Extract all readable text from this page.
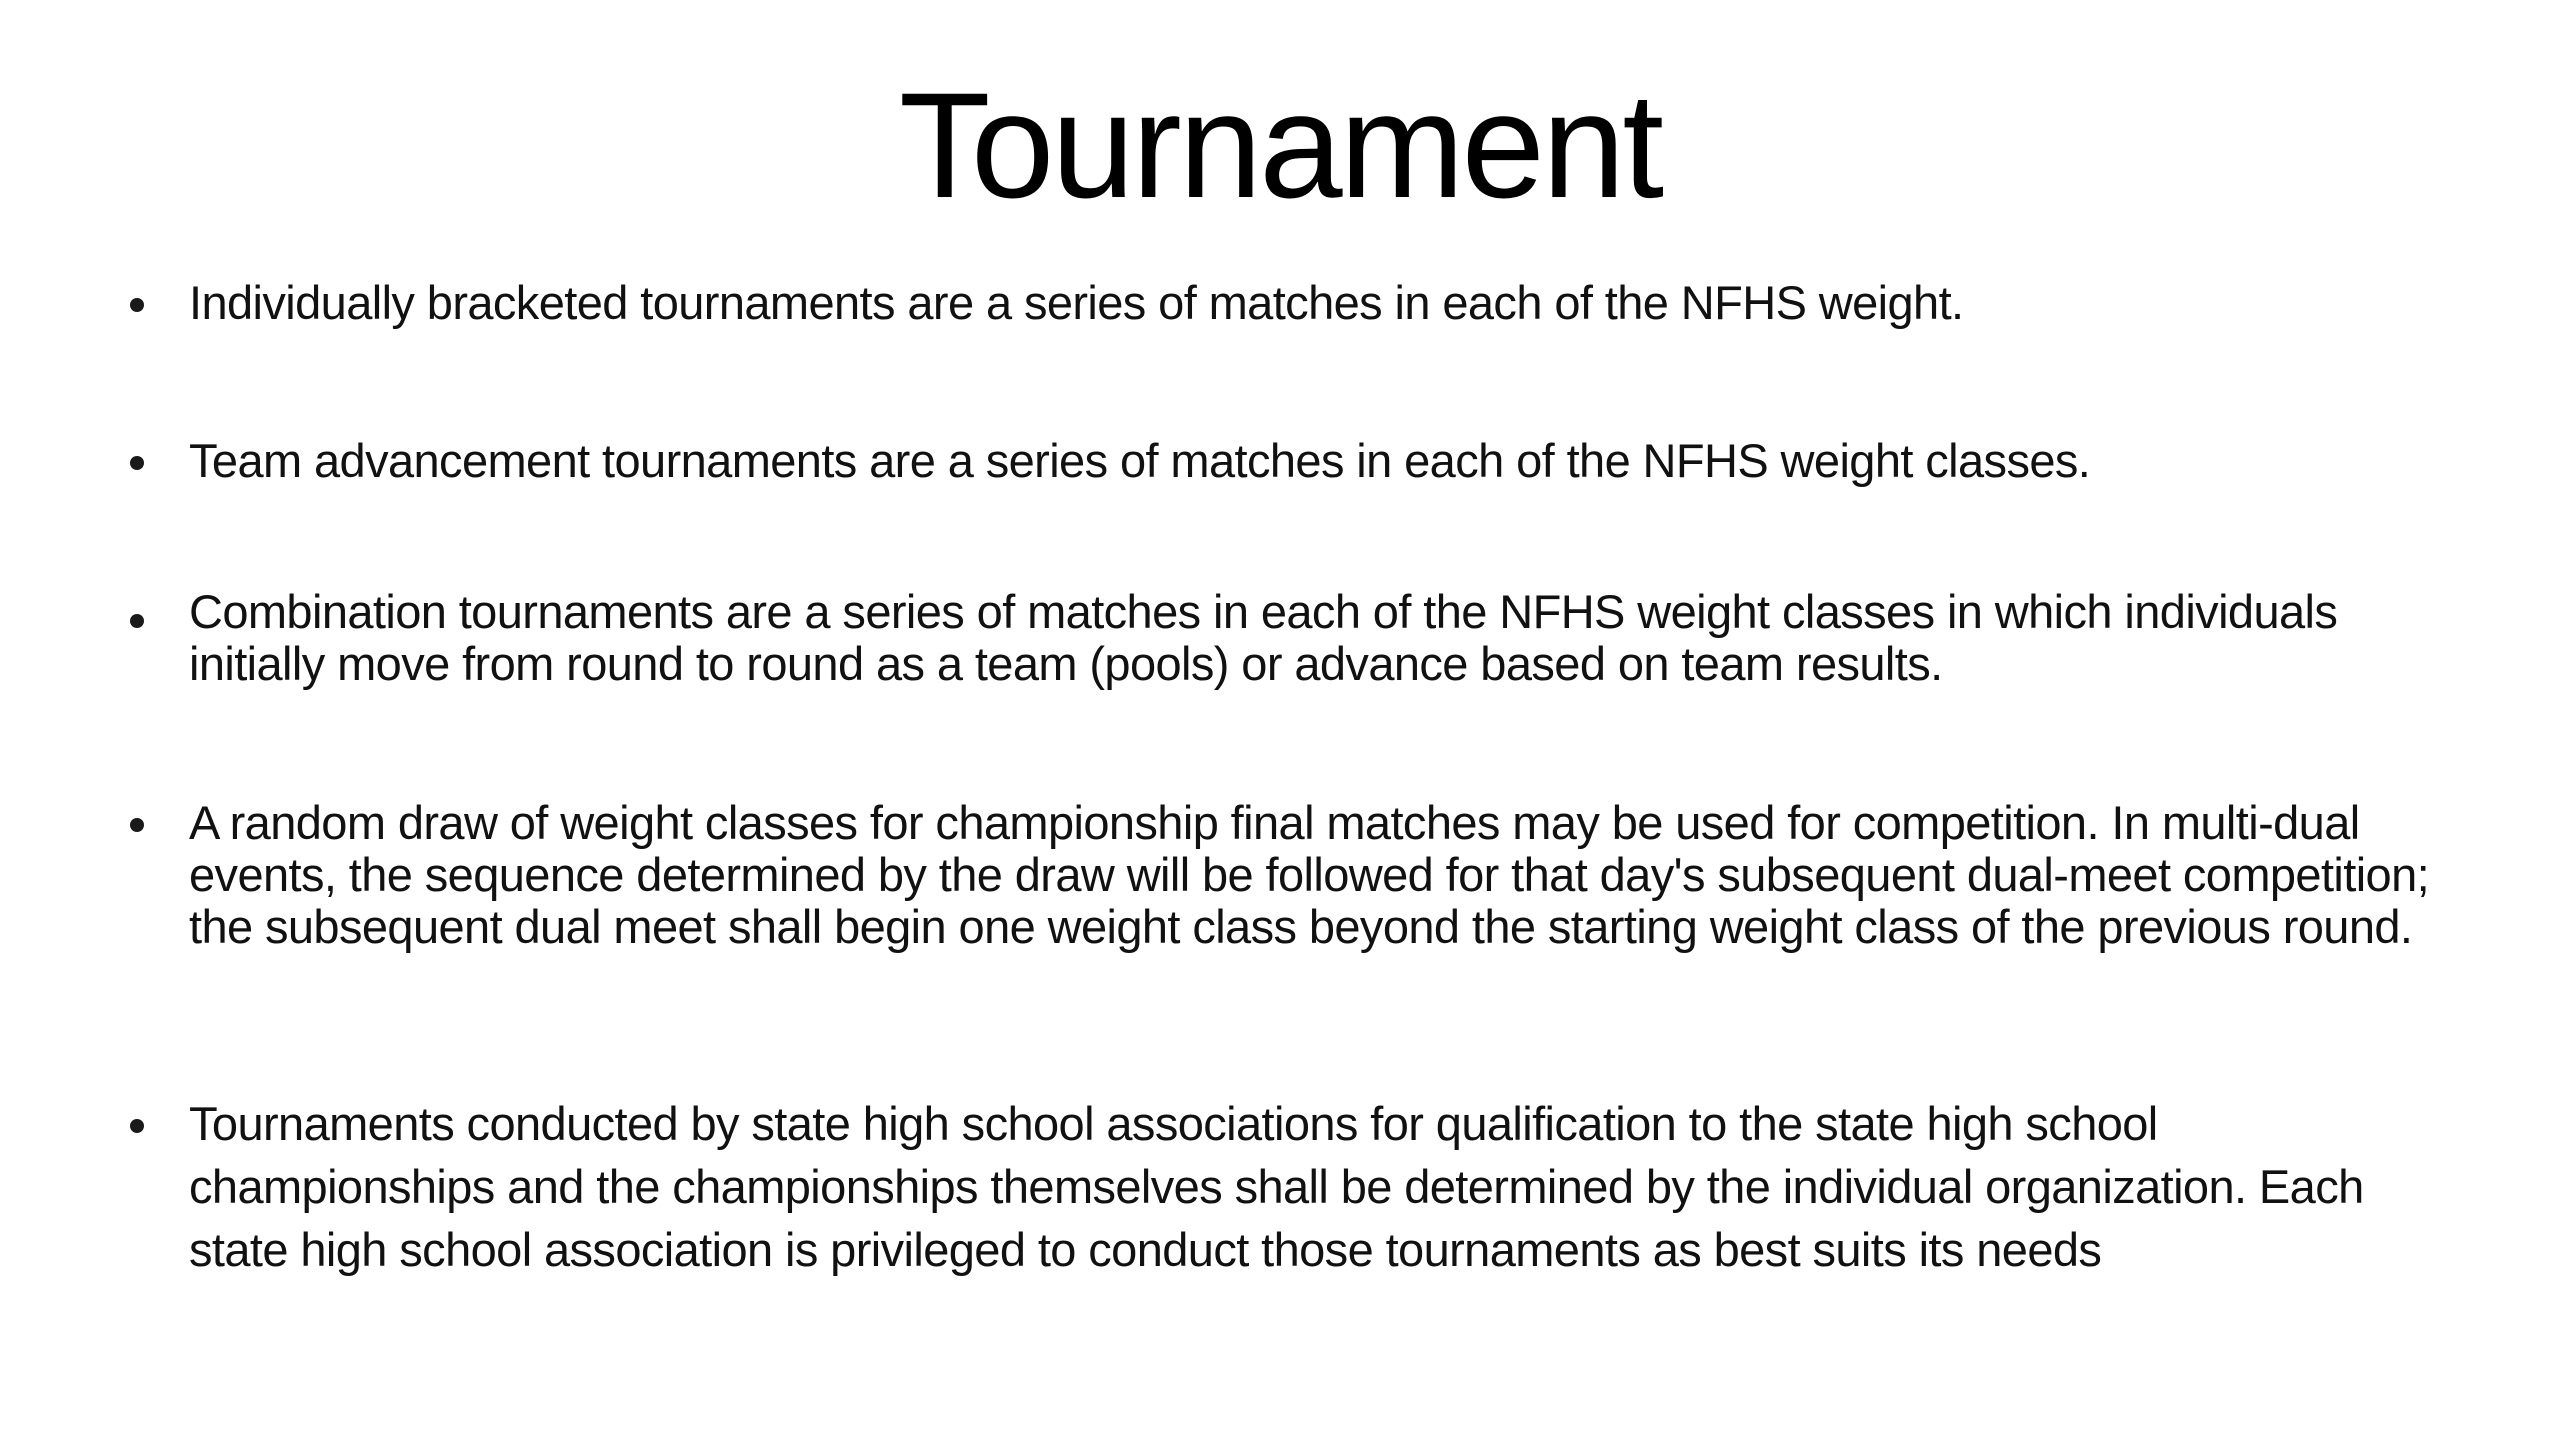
Tournament
Individually bracketed tournaments are a series of matches in each of the NFHS weight.
Team advancement tournaments are a series of matches in each of the NFHS weight classes.
Combination tournaments are a series of matches in each of the NFHS weight classes in which individuals initially move from round to round as a team (pools) or advance based on team results.
A random draw of weight classes for championship final matches may be used for competition. In multi-dual events, the sequence determined by the draw will be followed for that day's subsequent dual-meet competition; the subsequent dual meet shall begin one weight class beyond the starting weight class of the previous round.
Tournaments conducted by state high school associations for qualification to the state high school championships and the championships themselves shall be determined by the individual organization. Each state high school association is privileged to conduct those tournaments as best suits its needs
